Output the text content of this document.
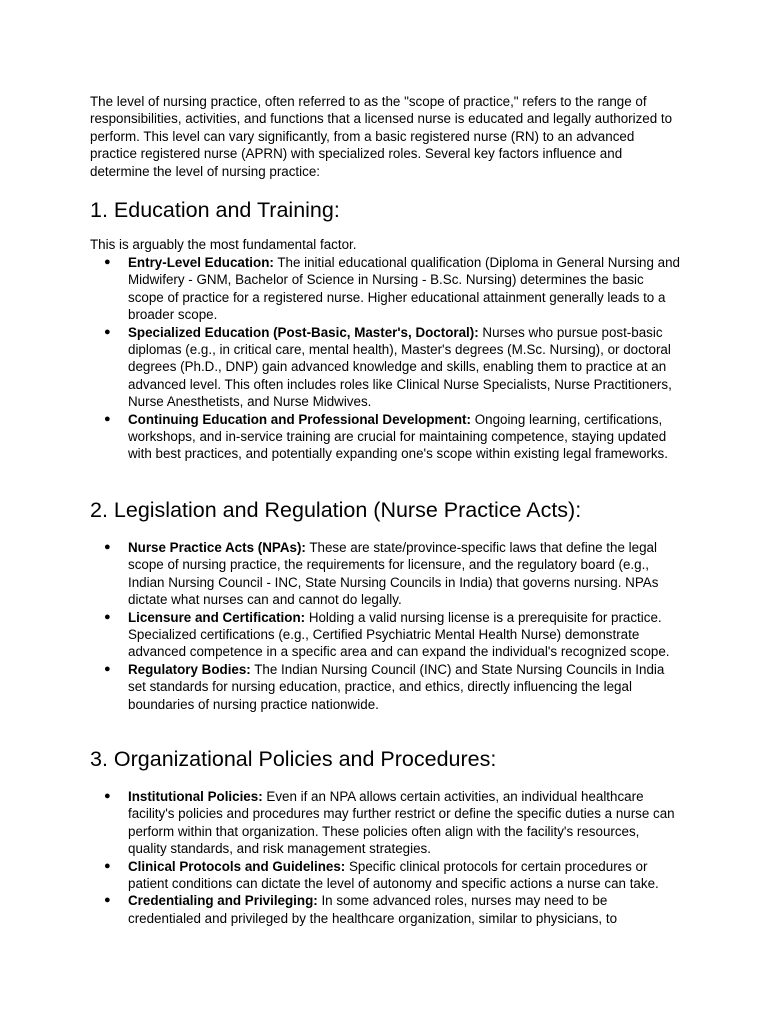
The level of nursing practice, often referred to as the "scope of practice," refers to the range of responsibilities, activities, and functions that a licensed nurse is educated and legally authorized to perform. This level can vary significantly, from a basic registered nurse (RN) to an advanced practice registered nurse (APRN) with specialized roles. Several key factors influence and determine the level of nursing practice:

1. Education and Training:

This is arguably the most fundamental factor.

● Entry-Level Education: The initial educational qualification (Diploma in General Nursing and Midwifery - GNM, Bachelor of Science in Nursing - B.Sc. Nursing) determines the basic scope of practice for a registered nurse. Higher educational attainment generally leads to a broader scope.
● Specialized Education (Post-Basic, Master's, Doctoral): Nurses who pursue post-basic diplomas (e.g., in critical care, mental health), Master's degrees (M.Sc. Nursing), or doctoral degrees (Ph.D., DNP) gain advanced knowledge and skills, enabling them to practice at an advanced level. This often includes roles like Clinical Nurse Specialists, Nurse Practitioners, Nurse Anesthetists, and Nurse Midwives.
● Continuing Education and Professional Development: Ongoing learning, certifications, workshops, and in-service training are crucial for maintaining competence, staying updated with best practices, and potentially expanding one's scope within existing legal frameworks.
2. Legislation and Regulation (Nurse Practice Acts):
● Nurse Practice Acts (NPAs): These are state/province-specific laws that define the legal scope of nursing practice, the requirements for licensure, and the regulatory board (e.g., Indian Nursing Council - INC, State Nursing Councils in India) that governs nursing. NPAs dictate what nurses can and cannot do legally.
● Licensure and Certification: Holding a valid nursing license is a prerequisite for practice. Specialized certifications (e.g., Certified Psychiatric Mental Health Nurse) demonstrate advanced competence in a specific area and can expand the individual's recognized scope.
● Regulatory Bodies: The Indian Nursing Council (INC) and State Nursing Councils in India set standards for nursing education, practice, and ethics, directly influencing the legal boundaries of nursing practice nationwide.
3. Organizational Policies and Procedures:
● Institutional Policies: Even if an NPA allows certain activities, an individual healthcare facility's policies and procedures may further restrict or define the specific duties a nurse can perform within that organization. These policies often align with the facility's resources, quality standards, and risk management strategies.
● Clinical Protocols and Guidelines: Specific clinical protocols for certain procedures or patient conditions can dictate the level of autonomy and specific actions a nurse can take.
● Credentialing and Privileging: In some advanced roles, nurses may need to be credentialed and privileged by the healthcare organization, similar to physicians, to
